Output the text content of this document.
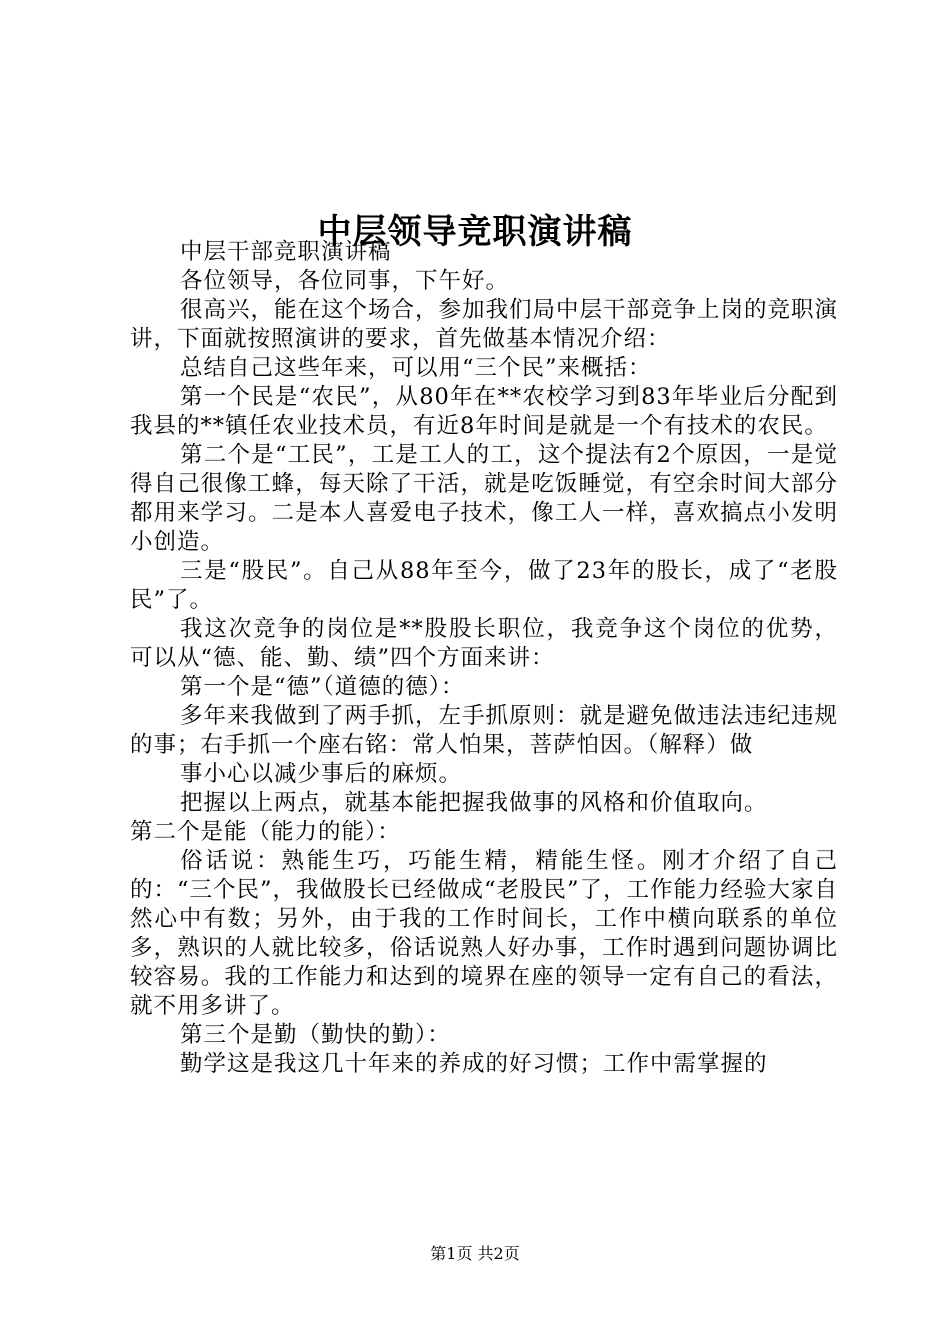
中层领导竞职演讲稿

中层干部竞职演讲稿

各位领导，各位同事，下午好。

很高兴，能在这个场合，参加我们局中层干部竞争上岗的竞职演讲，下面就按照演讲的要求，首先做基本情况介绍：

总结自己这些年来，可以用“三个民”来概括：

第一个民是“农民”，从80年在**农校学习到83年毕业后分配到我县的**镇任农业技术员，有近8年时间是就是一个有技术的农民。

第二个是“工民”，工是工人的工，这个提法有2个原因，一是觉得自己很像工蜂，每天除了干活，就是吃饭睡觉，有空余时间大部分都用来学习。二是本人喜爱电子技术，像工人一样，喜欢搞点小发明小创造。

三是“股民”。自己从88年至今，做了23年的股长，成了“老股民”了。

我这次竞争的岗位是**股股长职位，我竞争这个岗位的优势，可以从“德、能、勤、绩”四个方面来讲：

第一个是“德”（道德的德）：

多年来我做到了两手抓，左手抓原则：就是避免做违法违纪违规的事；右手抓一个座右铭：常人怕果，菩萨怕因。（解释）做

事小心以减少事后的麻烦。

把握以上两点，就基本能把握我做事的风格和价值取向。

第二个是能（能力的能）：

俗话说：熟能生巧，巧能生精，精能生怪。刚才介绍了自己的：“三个民”，我做股长已经做成“老股民”了，工作能力经验大家自然心中有数；另外，由于我的工作时间长，工作中横向联系的单位多，熟识的人就比较多，俗话说熟人好办事，工作时遇到问题协调比较容易。我的工作能力和达到的境界在座的领导一定有自己的看法，就不用多讲了。

第三个是勤（勤快的勤）：

勤学这是我这几十年来的养成的好习惯；工作中需掌握的

第1页 共2页
